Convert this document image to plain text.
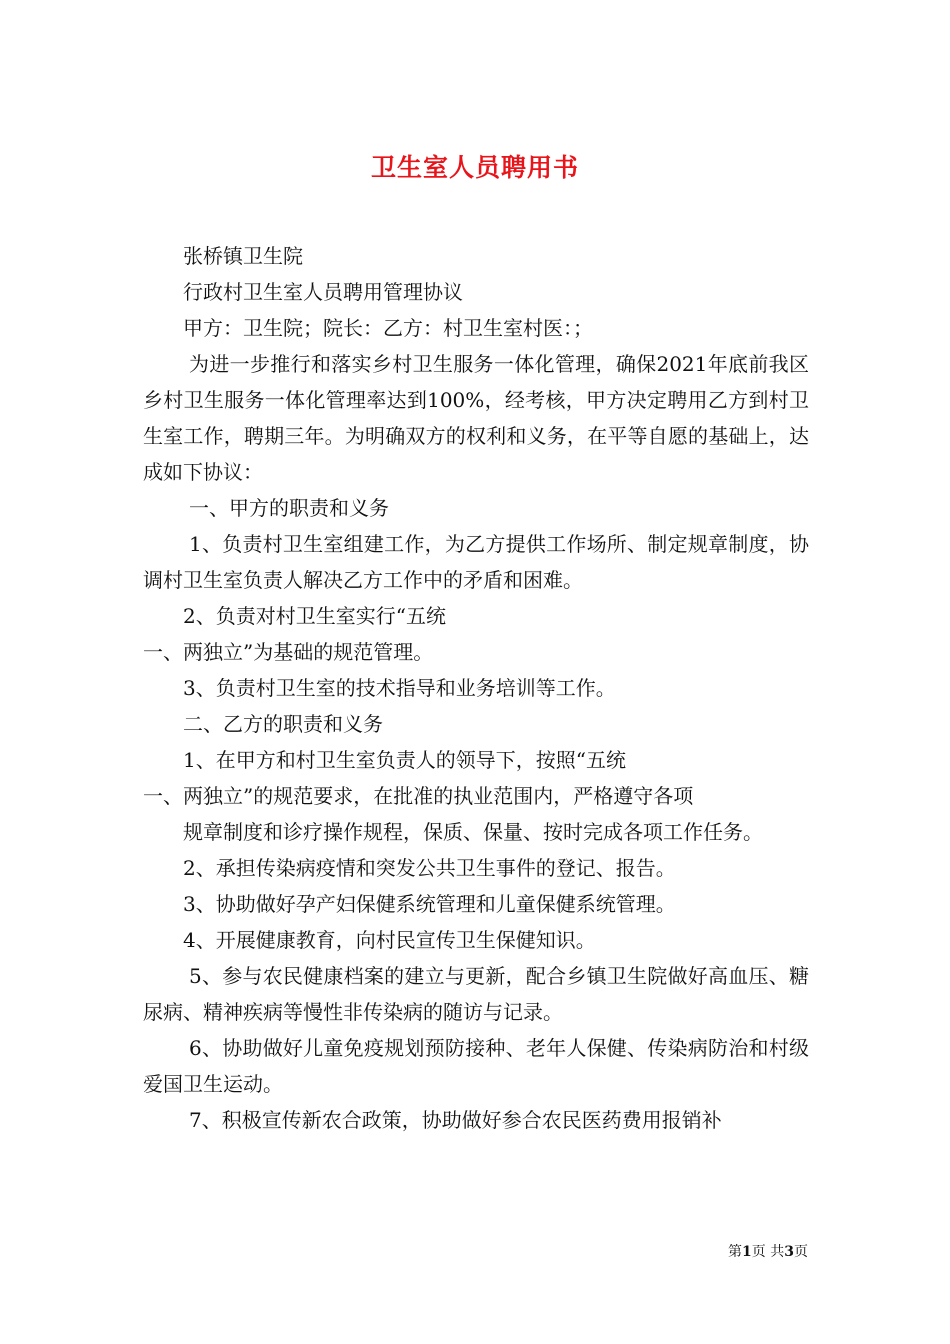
卫生室人员聘用书

张桥镇卫生院

行政村卫生室人员聘用管理协议

甲方：卫生院；院长：乙方：村卫生室村医：；

为进一步推行和落实乡村卫生服务一体化管理，确保2021年底前我区乡村卫生服务一体化管理率达到100%，经考核，甲方决定聘用乙方到村卫生室工作，聘期三年。为明确双方的权利和义务，在平等自愿的基础上，达成如下协议：

一、甲方的职责和义务

1、负责村卫生室组建工作，为乙方提供工作场所、制定规章制度，协调村卫生室负责人解决乙方工作中的矛盾和困难。

2、负责对村卫生室实行“五统

一、两独立”为基础的规范管理。

3、负责村卫生室的技术指导和业务培训等工作。

二、乙方的职责和义务

1、在甲方和村卫生室负责人的领导下，按照“五统

一、两独立”的规范要求，在批准的执业范围内，严格遵守各项

规章制度和诊疗操作规程，保质、保量、按时完成各项工作任务。

2、承担传染病疫情和突发公共卫生事件的登记、报告。

3、协助做好孕产妇保健系统管理和儿童保健系统管理。

4、开展健康教育，向村民宣传卫生保健知识。

5、参与农民健康档案的建立与更新，配合乡镇卫生院做好高血压、糖尿病、精神疾病等慢性非传染病的随访与记录。

6、协助做好儿童免疫规划预防接种、老年人保健、传染病防治和村级爱国卫生运动。

7、积极宣传新农合政策，协助做好参合农民医药费用报销补

第1页 共3页
